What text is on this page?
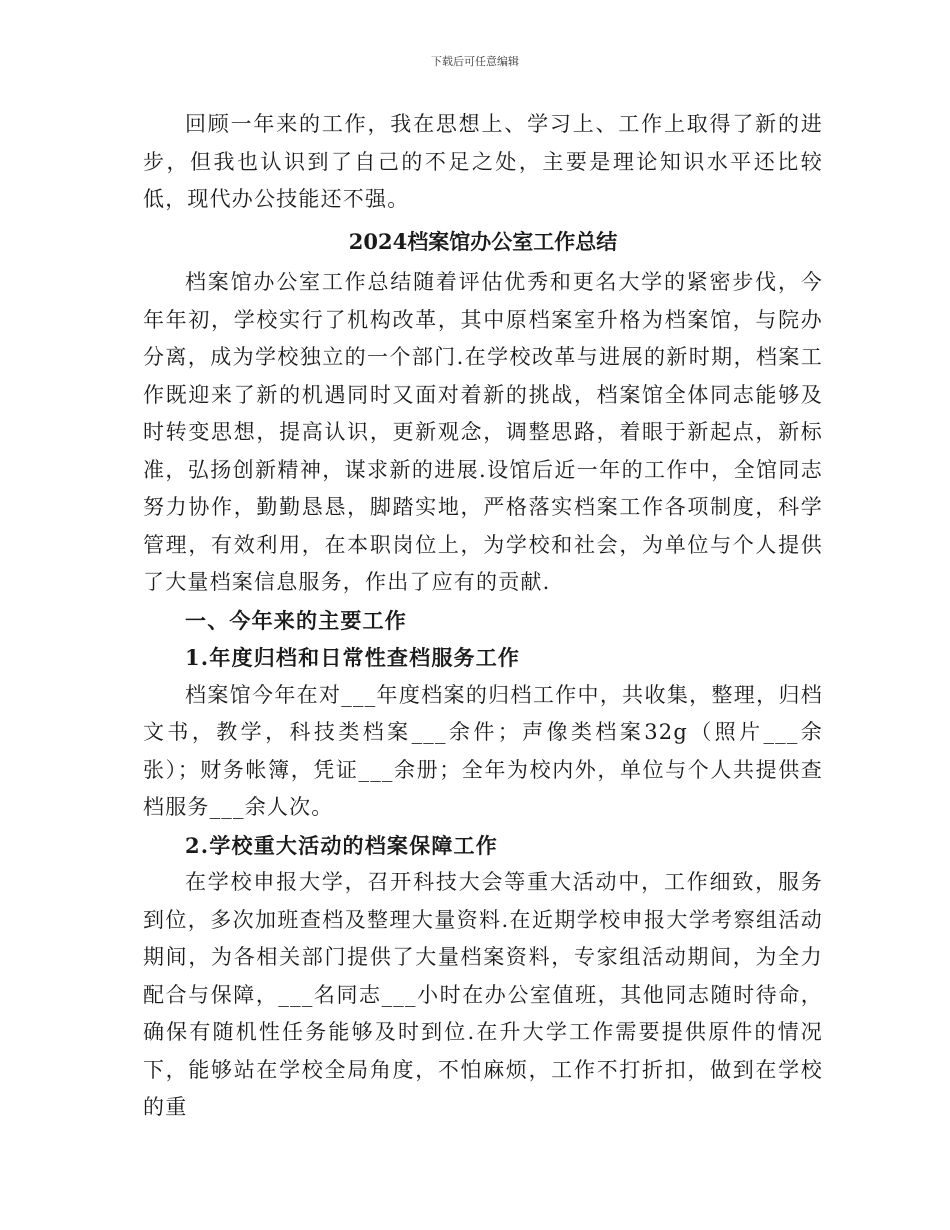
下载后可任意编辑

回顾一年来的工作，我在思想上、学习上、工作上取得了新的进步，但我也认识到了自己的不足之处，主要是理论知识水平还比较低，现代办公技能还不强。

2024档案馆办公室工作总结

档案馆办公室工作总结随着评估优秀和更名大学的紧密步伐，今年年初，学校实行了机构改革，其中原档案室升格为档案馆，与院办分离，成为学校独立的一个部门.在学校改革与进展的新时期，档案工作既迎来了新的机遇同时又面对着新的挑战，档案馆全体同志能够及时转变思想，提高认识，更新观念，调整思路，着眼于新起点，新标准，弘扬创新精神，谋求新的进展.设馆后近一年的工作中，全馆同志努力协作，勤勤恳恳，脚踏实地，严格落实档案工作各项制度，科学管理，有效利用，在本职岗位上，为学校和社会，为单位与个人提供了大量档案信息服务，作出了应有的贡献.

一、今年来的主要工作

1.年度归档和日常性查档服务工作

档案馆今年在对___年度档案的归档工作中，共收集，整理，归档文书，教学，科技类档案___余件；声像类档案32g（照片___余张）；财务帐簿，凭证___余册；全年为校内外，单位与个人共提供查档服务___余人次。

2.学校重大活动的档案保障工作

在学校申报大学，召开科技大会等重大活动中，工作细致，服务到位，多次加班查档及整理大量资料.在近期学校申报大学考察组活动期间，为各相关部门提供了大量档案资料，专家组活动期间，为全力配合与保障，___名同志___小时在办公室值班，其他同志随时待命，确保有随机性任务能够及时到位.在升大学工作需要提供原件的情况下，能够站在学校全局角度，不怕麻烦，工作不打折扣，做到在学校的重
